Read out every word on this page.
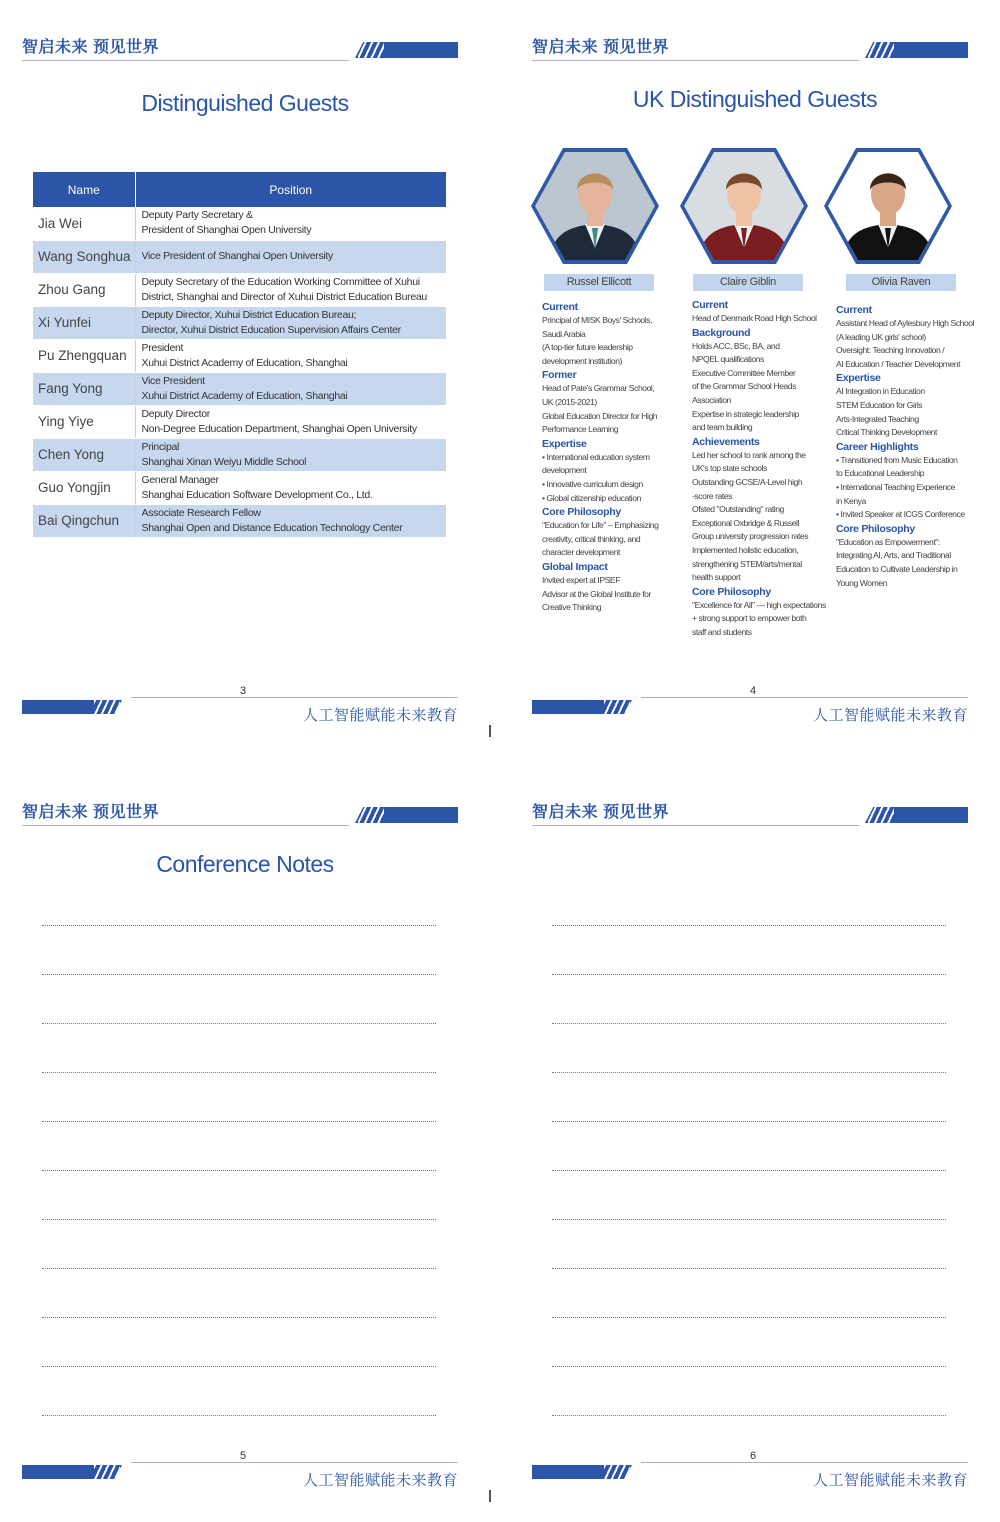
智启未来 预见世界
Distinguished Guests
Name	Position
Jia Wei	Deputy Party Secretary &
President of Shanghai Open University

Wang Songhua	Vice President of Shanghai Open University

Zhou Gang	Deputy Secretary of the Education Working Committee of Xuhui
District, Shanghai and Director of Xuhui District Education Bureau

Xi Yunfei	Deputy Director, Xuhui District Education Bureau;
Director, Xuhui District Education Supervision Affairs Center

Pu Zhengquan	President
Xuhui District Academy of Education, Shanghai

Fang Yong	Vice President
Xuhui District Academy of Education, Shanghai

Ying Yiye	Deputy Director
Non-Degree Education Department, Shanghai Open University

Chen Yong	Principal
Shanghai Xinan Weiyu Middle School

Guo Yongjin	General Manager
Shanghai Education Software Development Co., Ltd.

Bai Qingchun	Associate Research Fellow
Shanghai Open and Distance Education Technology Center
3
人工智能赋能未来教育
智启未来 预见世界
UK Distinguished Guests
Russel Ellicott
Current
Principal of MISK Boys' Schools,
Saudi Arabia
(A top-tier future leadership
development institution)
Former
Head of Pate's Grammar School,
UK (2015-2021)
Global Education Director for High
Performance Learning
Expertise
• International education system
development
• Innovative curriculum design
• Global citizenship education
Core Philosophy
"Education for Life" – Emphasizing
creativity, critical thinking, and
character development
Global Impact
Invited expert at IPSEF
Advisor at the Global Institute for
Creative Thinking
Claire Giblin
Current
Head of Denmark Road High School
Background
Holds ACC, BSc, BA, and
NPQEL qualifications
Executive Committee Member
of the Grammar School Heads
Association
Expertise in strategic leadership
and team building
Achievements
Led her school to rank among the
UK's top state schools
Outstanding GCSE/A-Level high
-score rates
Ofsted "Outstanding" rating
Exceptional Oxbridge & Russell
Group university progression rates
Implemented holistic education,
strengthening STEM/arts/mental
health support
Core Philosophy
"Excellence for All" — high expectations
+ strong support to empower both
staff and students
Olivia Raven
Current
Assistant Head of Aylesbury High School
(A leading UK girls' school)
Oversight: Teaching Innovation /
AI Education / Teacher Development
Expertise
AI Integration in Education
STEM Education for Girls
Arts-Integrated Teaching
Critical Thinking Development
Career Highlights
• Transitioned from Music Education
to Educational Leadership
• International Teaching Experience
in Kenya
• Invited Speaker at ICGS Conference
Core Philosophy
"Education as Empowerment":
Integrating AI, Arts, and Traditional
Education to Cultivate Leadership in
Young Women
4
人工智能赋能未来教育
智启未来 预见世界
Conference Notes
5
人工智能赋能未来教育
智启未来 预见世界
6
人工智能赋能未来教育
